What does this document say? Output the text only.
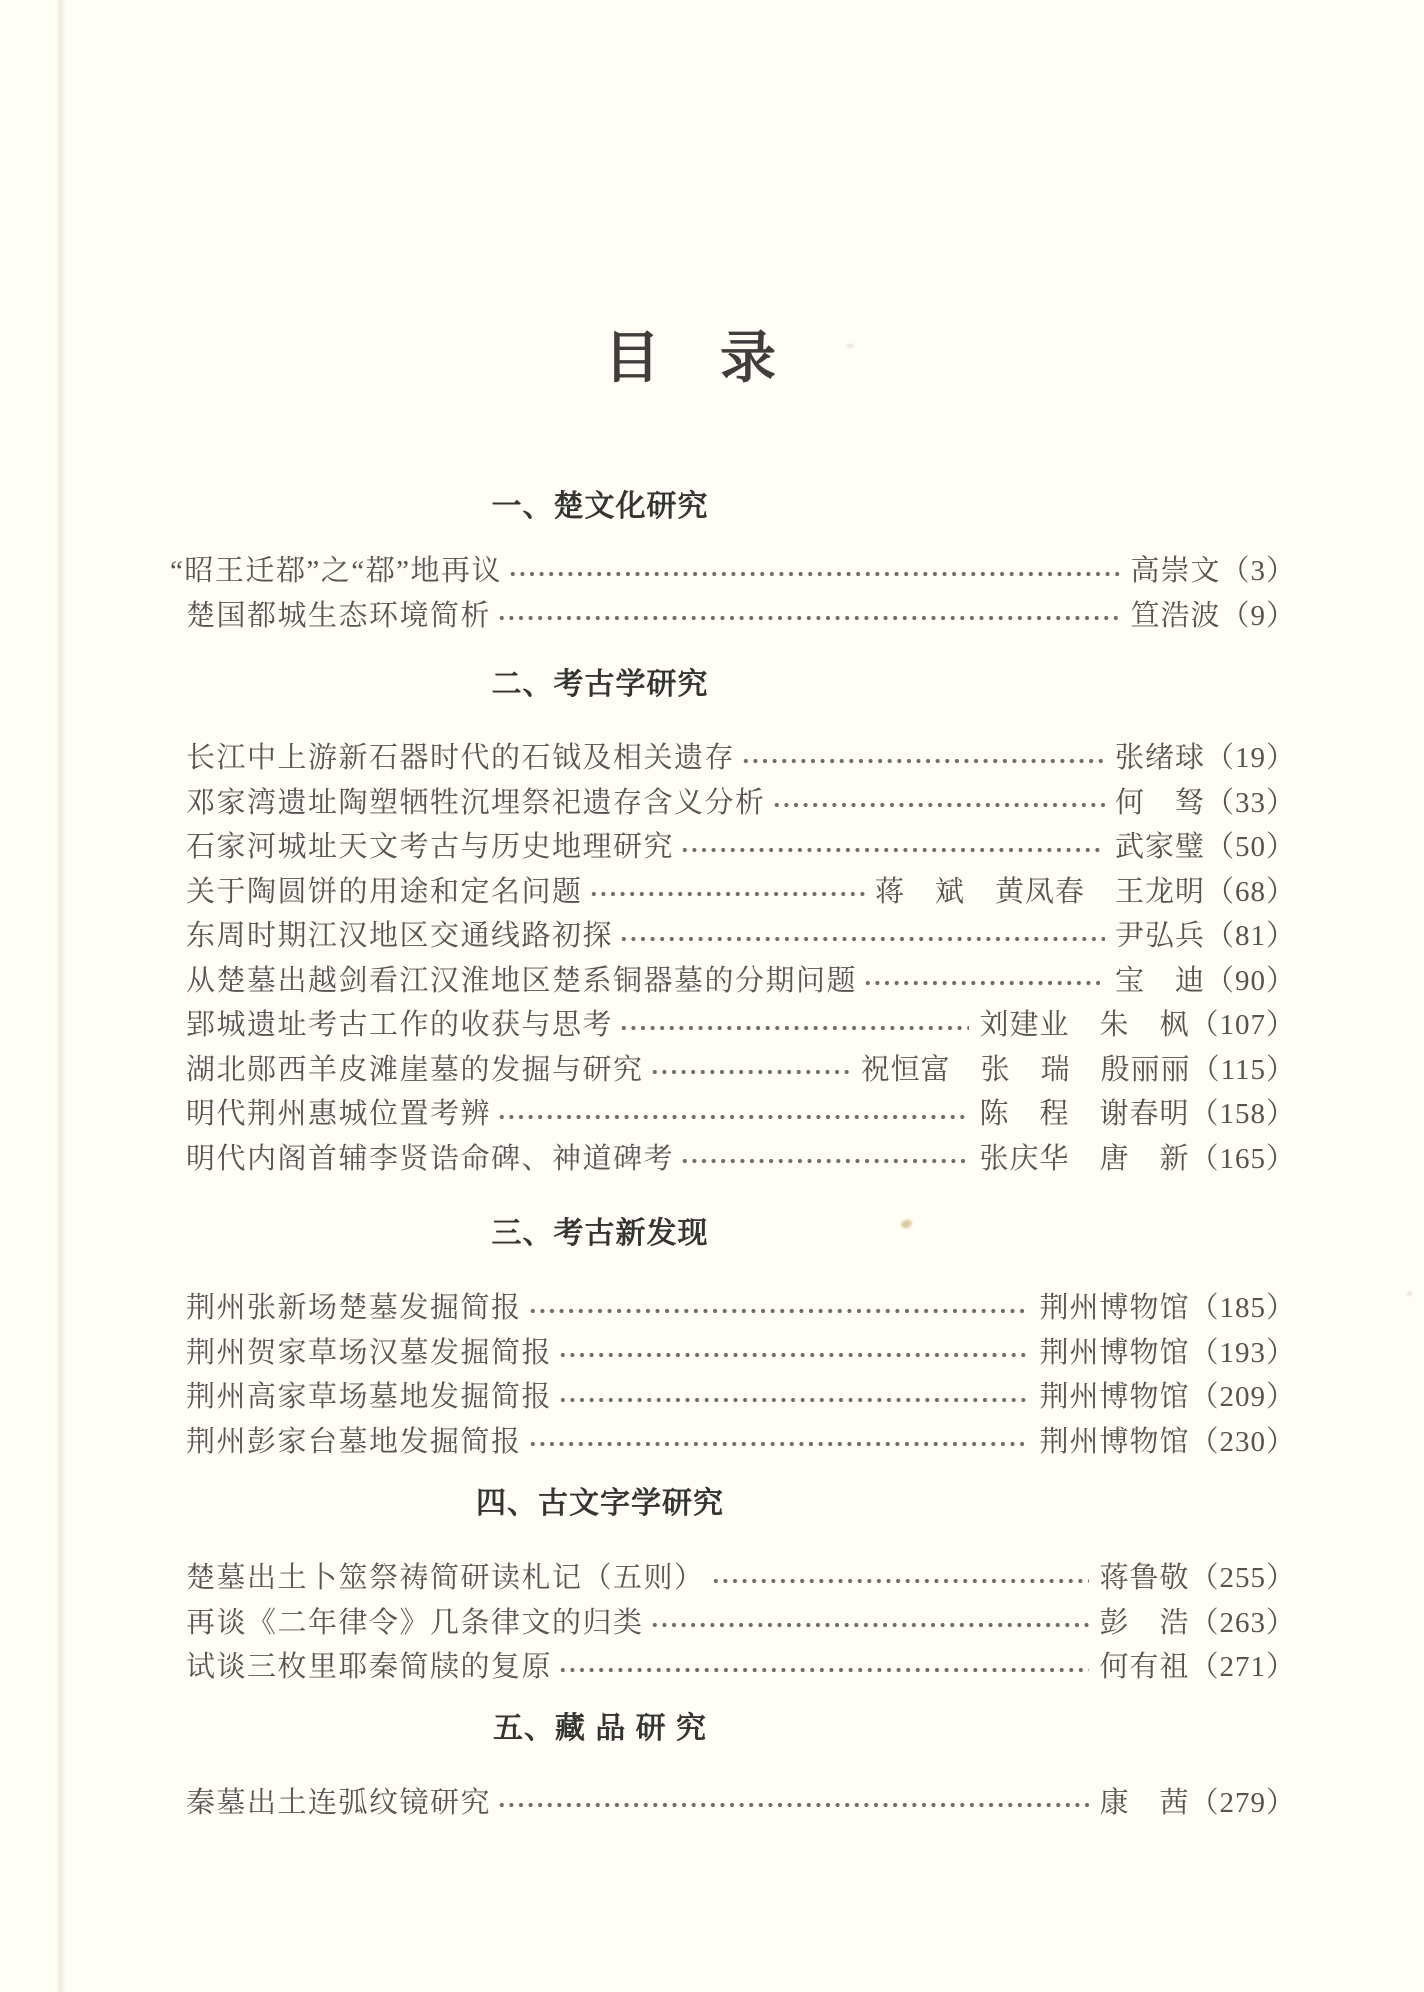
目　录
一、楚文化研究
“昭王迁鄀”之“鄀”地再议	高崇文（3）
楚国都城生态环境简析	笪浩波（9）
二、考古学研究
长江中上游新石器时代的石钺及相关遗存	张绪球（19）
邓家湾遗址陶塑牺牲沉埋祭祀遗存含义分析	何　驽（33）
石家河城址天文考古与历史地理研究	武家璧（50）
关于陶圆饼的用途和定名问题	蒋　斌　黄凤春　王龙明（68）
东周时期江汉地区交通线路初探	尹弘兵（81）
从楚墓出越剑看江汉淮地区楚系铜器墓的分期问题	宝　迪（90）
郢城遗址考古工作的收获与思考	刘建业　朱　枫（107）
湖北郧西羊皮滩崖墓的发掘与研究	祝恒富　张　瑞　殷丽丽（115）
明代荆州惠城位置考辨	陈　程　谢春明（158）
明代内阁首辅李贤诰命碑、神道碑考	张庆华　唐　新（165）
三、考古新发现
荆州张新场楚墓发掘简报	荆州博物馆（185）
荆州贺家草场汉墓发掘简报	荆州博物馆（193）
荆州高家草场墓地发掘简报	荆州博物馆（209）
荆州彭家台墓地发掘简报	荆州博物馆（230）
四、古文字学研究
楚墓出土卜筮祭祷简研读札记（五则）	蒋鲁敬（255）
再谈《二年律令》几条律文的归类	彭　浩（263）
试谈三枚里耶秦简牍的复原	何有祖（271）
五、藏 品 研 究
秦墓出土连弧纹镜研究	康　茜（279）
